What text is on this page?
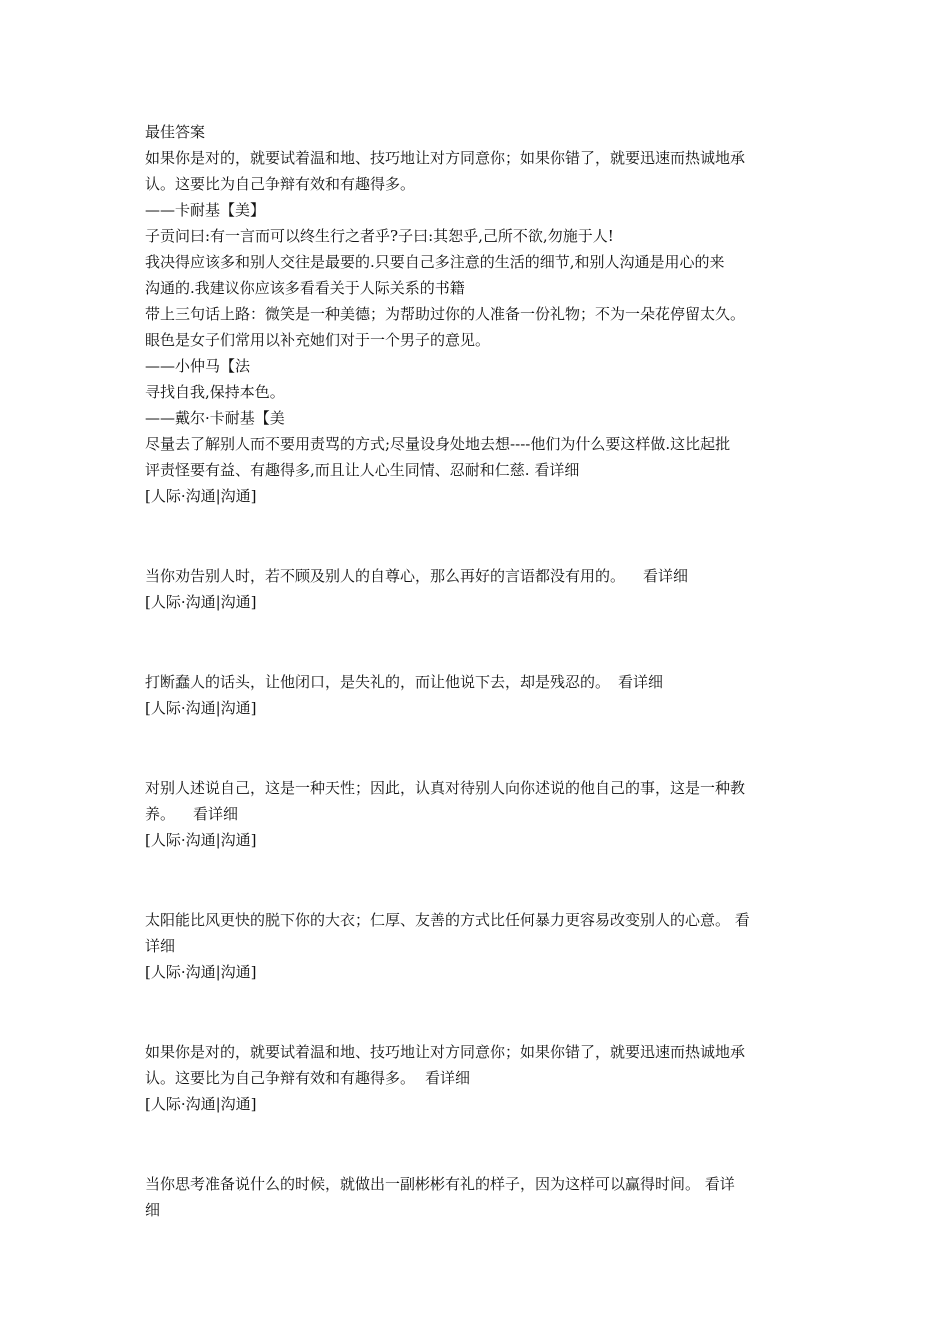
最佳答案
如果你是对的，就要试着温和地、技巧地让对方同意你；如果你错了，就要迅速而热诚地承
认。这要比为自己争辩有效和有趣得多。
——卡耐基【美】
子贡问曰:有一言而可以终生行之者乎?子曰:其恕乎,己所不欲,勿施于人!
我决得应该多和别人交往是最要的.只要自己多注意的生活的细节,和别人沟通是用心的来
沟通的.我建议你应该多看看关于人际关系的书籍
带上三句话上路：微笑是一种美德；为帮助过你的人准备一份礼物；不为一朵花停留太久。
眼色是女子们常用以补充她们对于一个男子的意见。
——小仲马【法
寻找自我,保持本色。
——戴尔·卡耐基【美
尽量去了解别人而不要用责骂的方式;尽量设身处地去想----他们为什么要这样做.这比起批
评责怪要有益、有趣得多,而且让人心生同情、忍耐和仁慈. 看详细
[人际·沟通|沟通]
当你劝告别人时，若不顾及别人的自尊心，那么再好的言语都没有用的。 看详细
[人际·沟通|沟通]
打断蠢人的话头，让他闭口，是失礼的，而让他说下去，却是残忍的。 看详细
[人际·沟通|沟通]
对别人述说自己，这是一种天性；因此，认真对待别人向你述说的他自己的事，这是一种教
养。 看详细
[人际·沟通|沟通]
太阳能比风更快的脱下你的大衣；仁厚、友善的方式比任何暴力更容易改变别人的心意。 看
详细
[人际·沟通|沟通]
如果你是对的，就要试着温和地、技巧地让对方同意你；如果你错了，就要迅速而热诚地承
认。这要比为自己争辩有效和有趣得多。 看详细
[人际·沟通|沟通]
当你思考准备说什么的时候，就做出一副彬彬有礼的样子，因为这样可以赢得时间。 看详
细
